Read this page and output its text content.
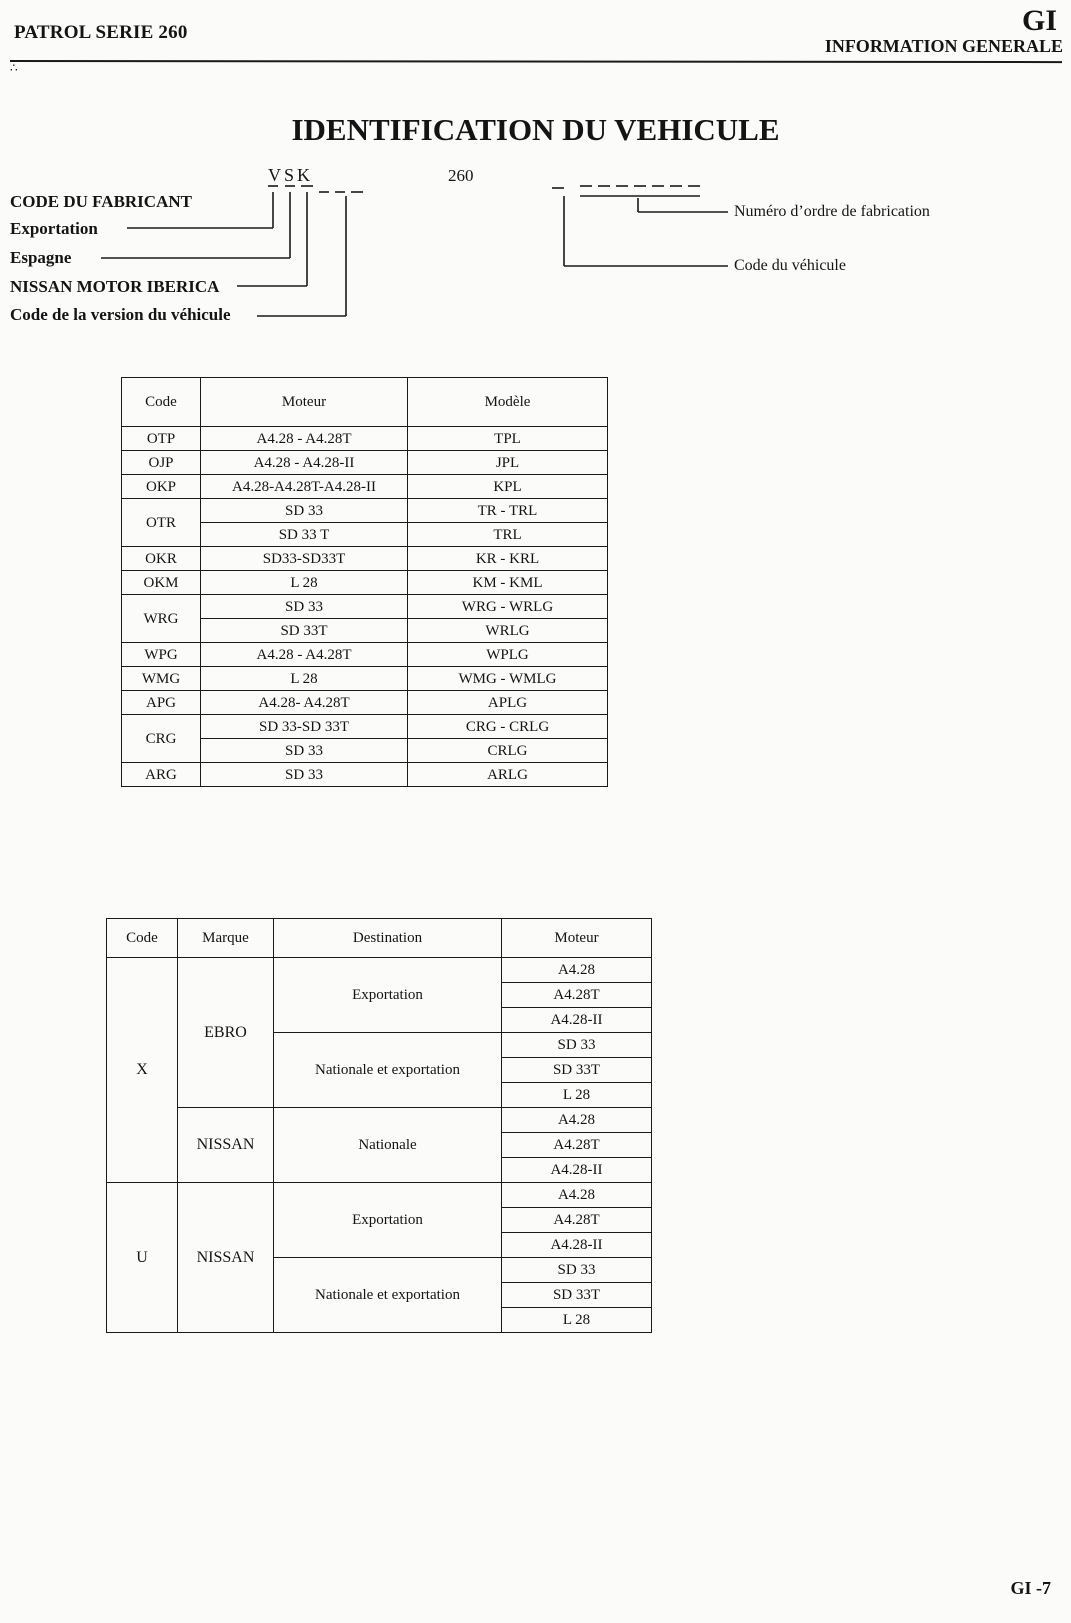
PATROL SERIE 260	GI
INFORMATION GENERALE
∴
IDENTIFICATION DU VEHICULE
VSK	260
CODE DU FABRICANT
Exportation
Espagne
NISSAN MOTOR IBERICA
Code de la version du véhicule
Numéro d’ordre de fabrication
Code du véhicule
Code	Moteur	Modèle
OTP	A4.28 - A4.28T	TPL
OJP	A4.28 - A4.28-II	JPL
OKP	A4.28-A4.28T-A4.28-II	KPL
OTR	SD 33	TR - TRL
	SD 33 T	TRL
OKR	SD33-SD33T	KR - KRL
OKM	L 28	KM - KML
WRG	SD 33	WRG - WRLG
	SD 33T	WRLG
WPG	A4.28 - A4.28T	WPLG
WMG	L 28	WMG - WMLG
APG	A4.28- A4.28T	APLG
CRG	SD 33-SD 33T	CRG - CRLG
	SD 33	CRLG
ARG	SD 33	ARLG
Code	Marque	Destination	Moteur
X	EBRO	Exportation	A4.28
			A4.28T
			A4.28-II
		Nationale et exportation	SD 33
			SD 33T
			L 28
	NISSAN	Nationale	A4.28
			A4.28T
			A4.28-II
U	NISSAN	Exportation	A4.28
			A4.28T
			A4.28-II
		Nationale et exportation	SD 33
			SD 33T
			L 28
GI -7
